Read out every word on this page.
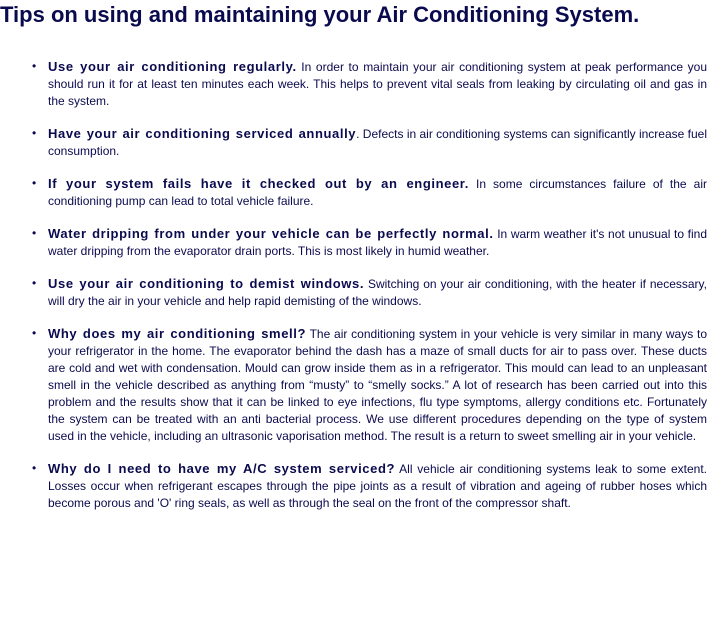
Tips on using and maintaining your Air Conditioning System.
• Use your air conditioning regularly. In order to maintain your air conditioning system at peak performance you should run it for at least ten minutes each week. This helps to prevent vital seals from leaking by circulating oil and gas in the system.
• Have your air conditioning serviced annually. Defects in air conditioning systems can significantly increase fuel consumption.
• If your system fails have it checked out by an engineer. In some circumstances failure of the air conditioning pump can lead to total vehicle failure.
• Water dripping from under your vehicle can be perfectly normal. In warm weather it's not unusual to find water dripping from the evaporator drain ports. This is most likely in humid weather.
• Use your air conditioning to demist windows. Switching on your air conditioning, with the heater if necessary, will dry the air in your vehicle and help rapid demisting of the windows.
• Why does my air conditioning smell? The air conditioning system in your vehicle is very similar in many ways to your refrigerator in the home. The evaporator behind the dash has a maze of small ducts for air to pass over. These ducts are cold and wet with condensation. Mould can grow inside them as in a refrigerator. This mould can lead to an unpleasant smell in the vehicle described as anything from “musty” to “smelly socks.” A lot of research has been carried out into this problem and the results show that it can be linked to eye infections, flu type symptoms, allergy conditions etc. Fortunately the system can be treated with an anti bacterial process. We use different procedures depending on the type of system used in the vehicle, including an ultrasonic vaporisation method. The result is a return to sweet smelling air in your vehicle.
• Why do I need to have my A/C system serviced? All vehicle air conditioning systems leak to some extent. Losses occur when refrigerant escapes through the pipe joints as a result of vibration and ageing of rubber hoses which become porous and 'O' ring seals, as well as through the seal on the front of the compressor shaft.
